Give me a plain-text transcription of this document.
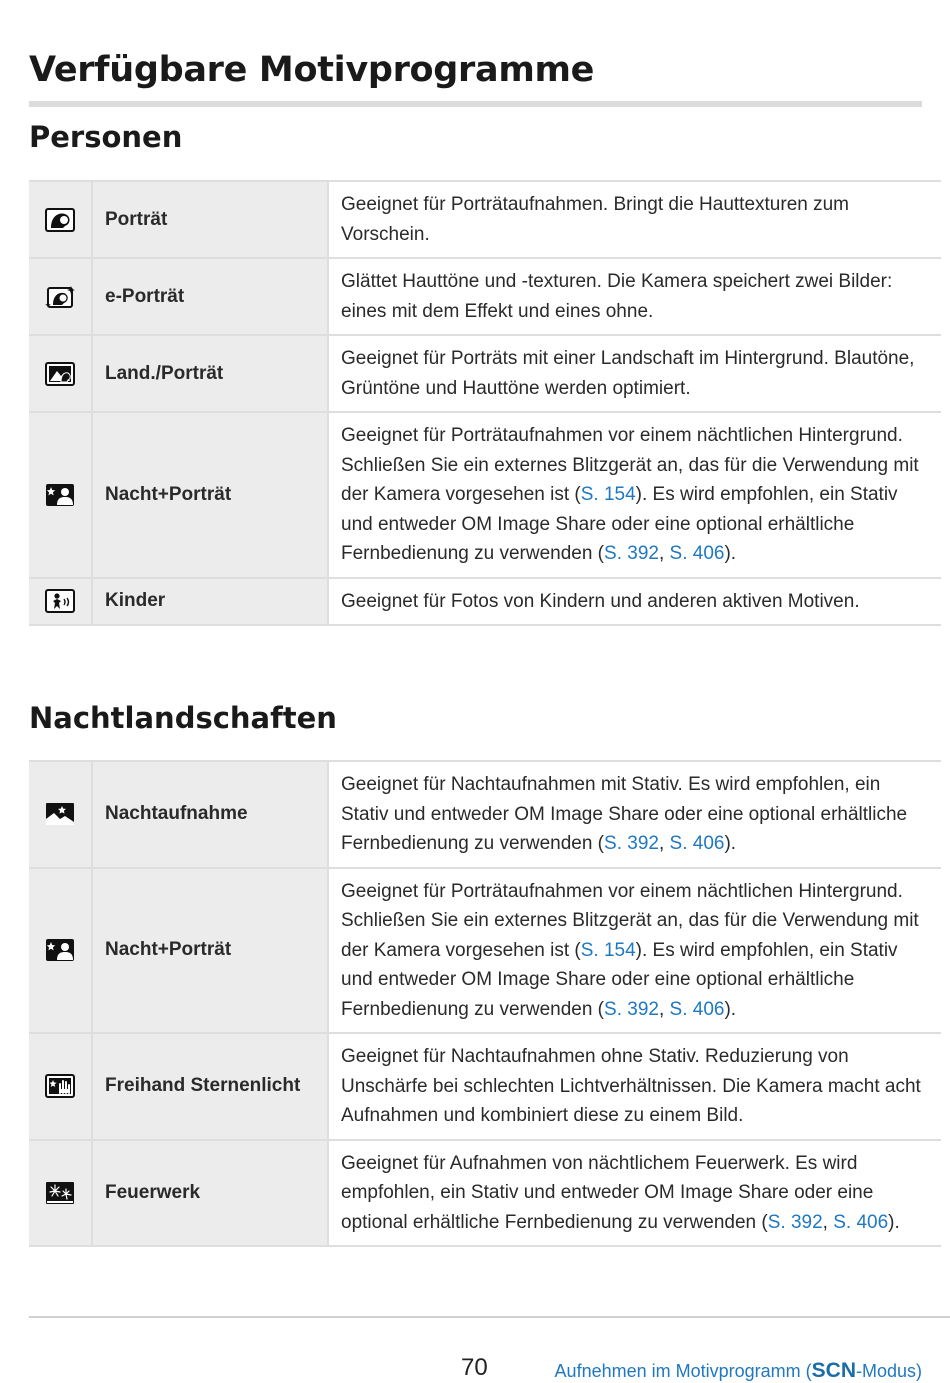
Verfügbare Motivprogramme
Personen
	Porträt	Geeignet für Porträtaufnahmen. Bringt die Hauttexturen zum Vorschein.
	e-Porträt	Glättet Hauttöne und -texturen. Die Kamera speichert zwei Bilder: eines mit dem Effekt und eines ohne.
	Land./Porträt	Geeignet für Porträts mit einer Landschaft im Hintergrund. Blautöne, Grüntöne und Hauttöne werden optimiert.
	Nacht+Porträt	Geeignet für Porträtaufnahmen vor einem nächtlichen Hintergrund. Schließen Sie ein externes Blitzgerät an, das für die Verwendung mit der Kamera vorgesehen ist (S. 154). Es wird empfohlen, ein Stativ und entweder OM Image Share oder eine optional erhältliche Fernbedienung zu verwenden (S. 392, S. 406).
	Kinder	Geeignet für Fotos von Kindern und anderen aktiven Motiven.
Nachtlandschaften
	Nachtaufnahme	Geeignet für Nachtaufnahmen mit Stativ. Es wird empfohlen, ein Stativ und entweder OM Image Share oder eine optional erhältliche Fernbedienung zu verwenden (S. 392, S. 406).
	Nacht+Porträt	Geeignet für Porträtaufnahmen vor einem nächtlichen Hintergrund. Schließen Sie ein externes Blitzgerät an, das für die Verwendung mit der Kamera vorgesehen ist (S. 154). Es wird empfohlen, ein Stativ und entweder OM Image Share oder eine optional erhältliche Fernbedienung zu verwenden (S. 392, S. 406).
	Freihand Sternenlicht	Geeignet für Nachtaufnahmen ohne Stativ. Reduzierung von Unschärfe bei schlechten Lichtverhältnissen. Die Kamera macht acht Aufnahmen und kombiniert diese zu einem Bild.
	Feuerwerk	Geeignet für Aufnahmen von nächtlichem Feuerwerk. Es wird empfohlen, ein Stativ und entweder OM Image Share oder eine optional erhältliche Fernbedienung zu verwenden (S. 392, S. 406).
70	Aufnehmen im Motivprogramm (SCN-Modus)
